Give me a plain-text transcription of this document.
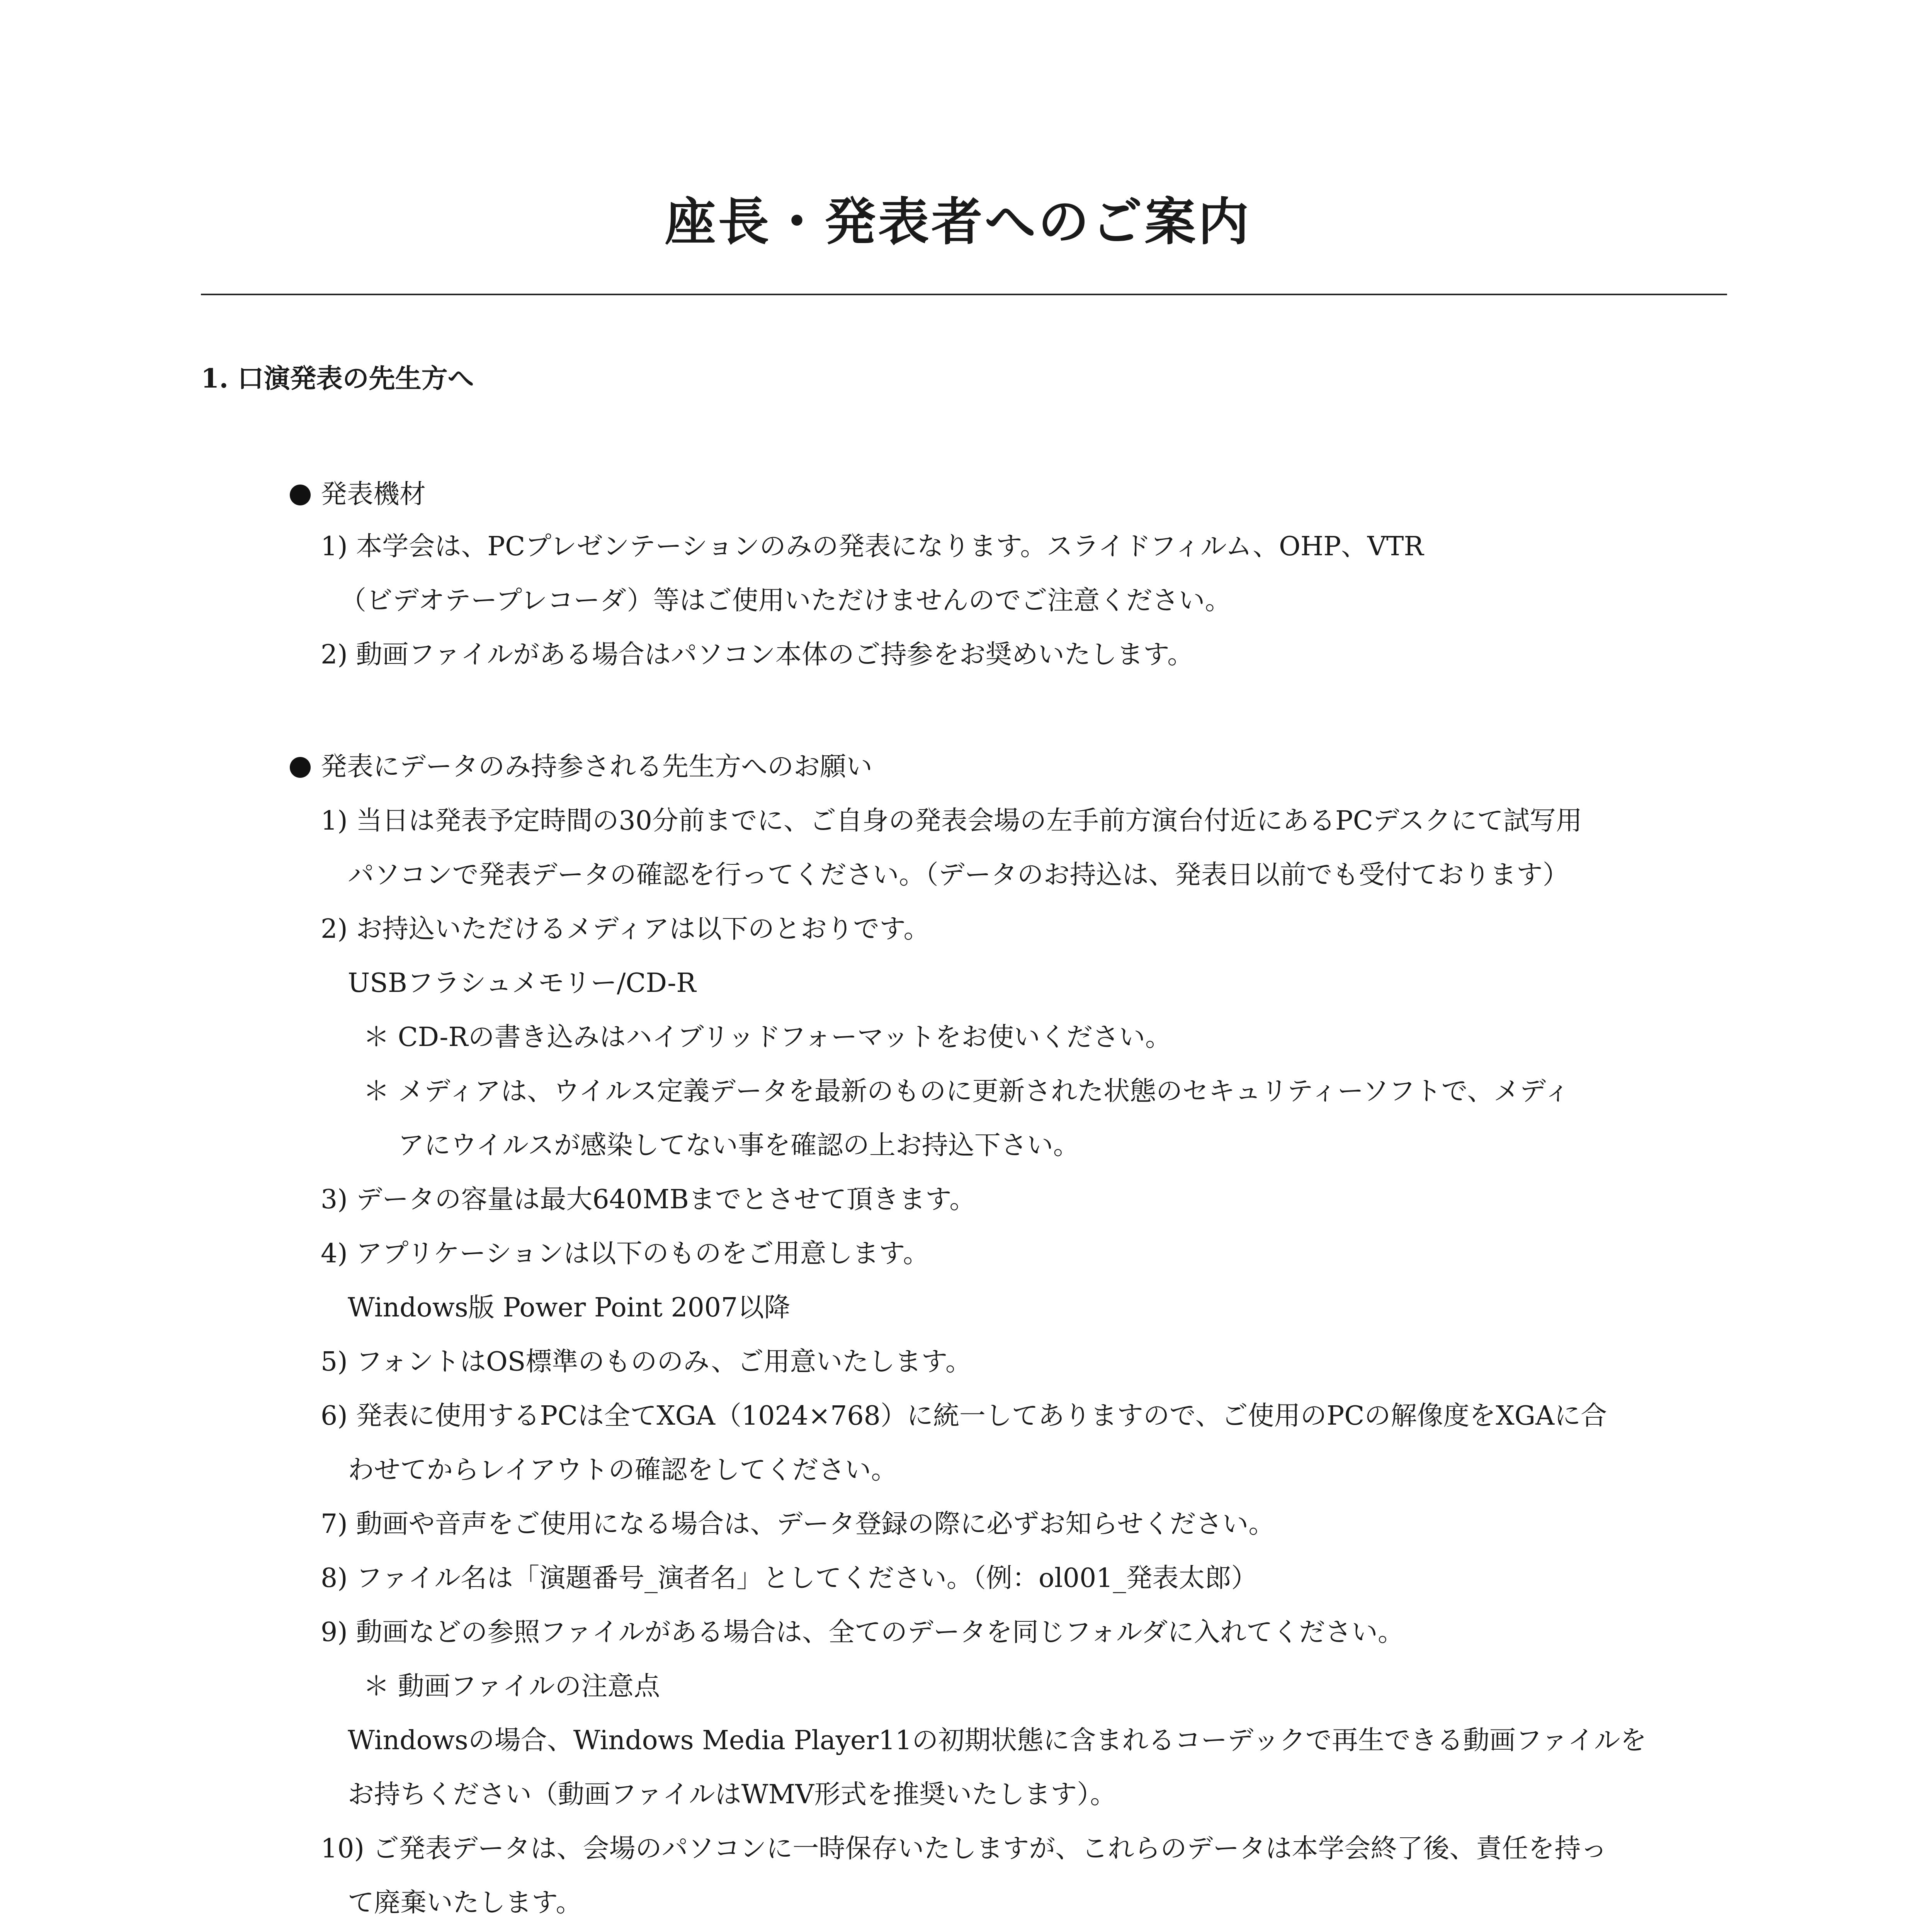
座長・発表者へのご案内
1. 口演発表の先生方へ
発表機材
1) 本学会は、PCプレゼンテーションのみの発表になります。スライドフィルム、OHP、VTR
（ビデオテープレコーダ）等はご使用いただけませんのでご注意ください。
2) 動画ファイルがある場合はパソコン本体のご持参をお奨めいたします。
発表にデータのみ持参される先生方へのお願い
1) 当日は発表予定時間の30分前までに、ご自身の発表会場の左手前方演台付近にあるPCデスクにて試写用
パソコンで発表データの確認を行ってください。（データのお持込は、発表日以前でも受付ております）
2) お持込いただけるメディアは以下のとおりです。
USBフラシュメモリー/CD-R
＊ CD-Rの書き込みはハイブリッドフォーマットをお使いください。
＊ メディアは、ウイルス定義データを最新のものに更新された状態のセキュリティーソフトで、メディ
アにウイルスが感染してない事を確認の上お持込下さい。
3) データの容量は最大640MBまでとさせて頂きます。
4) アプリケーションは以下のものをご用意します。
Windows版 Power Point 2007以降
5) フォントはOS標準のもののみ、ご用意いたします。
6) 発表に使用するPCは全てXGA（1024×768）に統一してありますので、ご使用のPCの解像度をXGAに合
わせてからレイアウトの確認をしてください。
7) 動画や音声をご使用になる場合は、データ登録の際に必ずお知らせください。
8) ファイル名は「演題番号_演者名」としてください。（例：ol001_発表太郎）
9) 動画などの参照ファイルがある場合は、全てのデータを同じフォルダに入れてください。
＊ 動画ファイルの注意点
Windowsの場合、Windows Media Player11の初期状態に含まれるコーデックで再生できる動画ファイルを
お持ちください（動画ファイルはWMV形式を推奨いたします）。
10) ご発表データは、会場のパソコンに一時保存いたしますが、これらのデータは本学会終了後、責任を持っ
て廃棄いたします。
